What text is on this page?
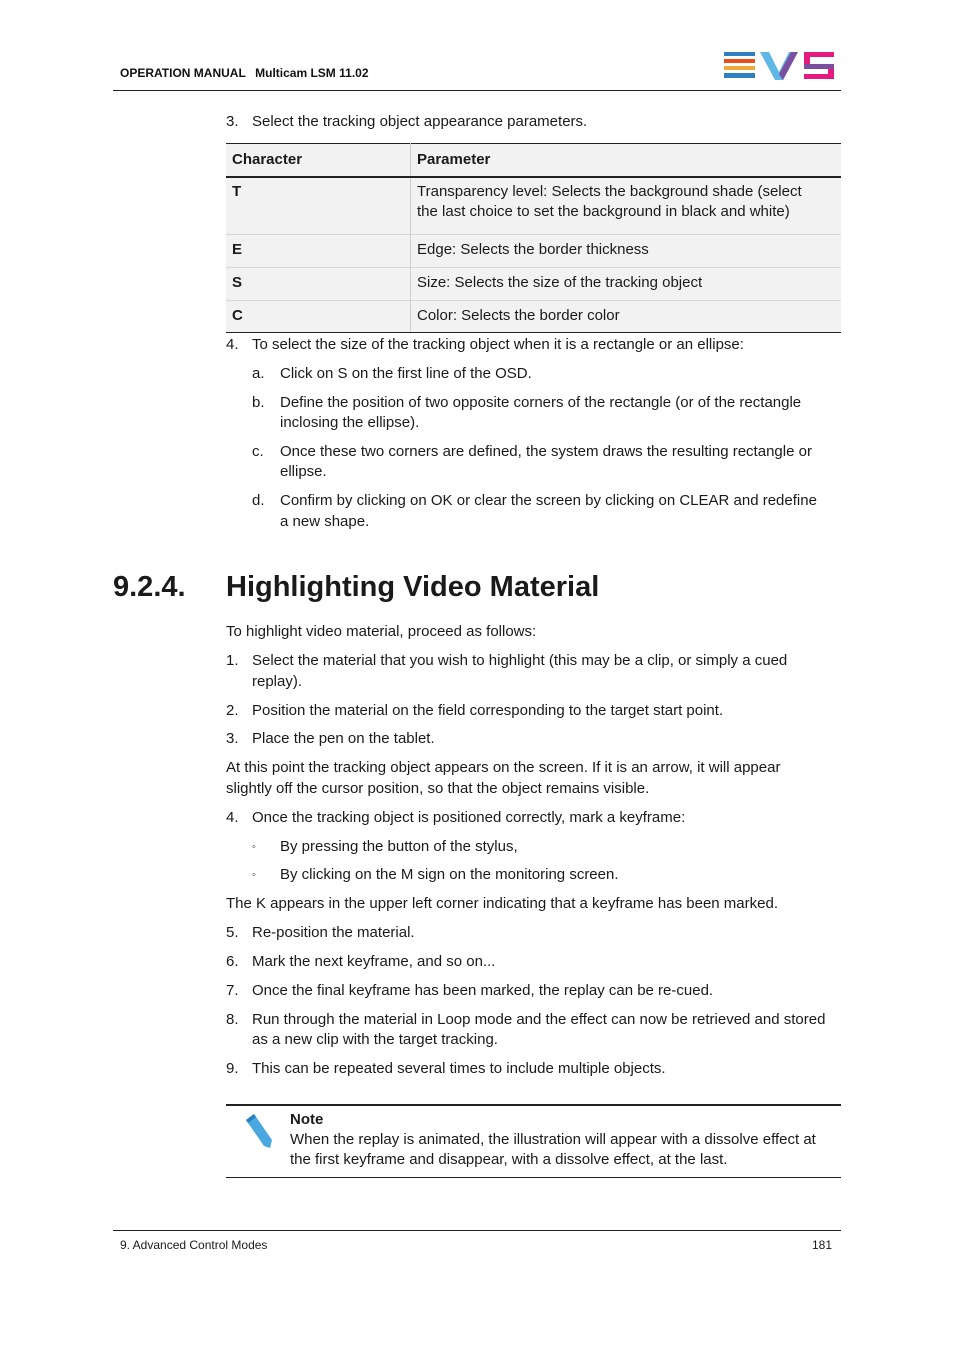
OPERATION MANUAL Multicam LSM 11.02
3. Select the tracking object appearance parameters.
Character	Parameter
T	Transparency level: Selects the background shade (select
the last choice to set the background in black and white)

E	Edge: Selects the border thickness
S	Size: Selects the size of the tracking object
C	Color: Selects the border color
4. To select the size of the tracking object when it is a rectangle or an ellipse:
a.	Click on S on the first line of the OSD.
b.	Define the position of two opposite corners of the rectangle (or of the rectangle
inclosing the ellipse).
c.	Once these two corners are defined, the system draws the resulting rectangle or
ellipse.
d.	Confirm by clicking on OK or clear the screen by clicking on CLEAR and redefine
a new shape.
9.2.4. Highlighting Video Material
To highlight video material, proceed as follows:
1. Select the material that you wish to highlight (this may be a clip, or simply a cued
replay).
2. Position the material on the field corresponding to the target start point.
3. Place the pen on the tablet.
At this point the tracking object appears on the screen. If it is an arrow, it will appear
slightly off the cursor position, so that the object remains visible.
4. Once the tracking object is positioned correctly, mark a keyframe:
◦	By pressing the button of the stylus,
◦	By clicking on the M sign on the monitoring screen.
The K appears in the upper left corner indicating that a keyframe has been marked.
5. Re-position the material.
6. Mark the next keyframe, and so on...
7. Once the final keyframe has been marked, the replay can be re-cued.
8. Run through the material in Loop mode and the effect can now be retrieved and stored
as a new clip with the target tracking.
9. This can be repeated several times to include multiple objects.
Note
When the replay is animated, the illustration will appear with a dissolve effect at
the first keyframe and disappear, with a dissolve effect, at the last.
9. Advanced Control Modes	181
